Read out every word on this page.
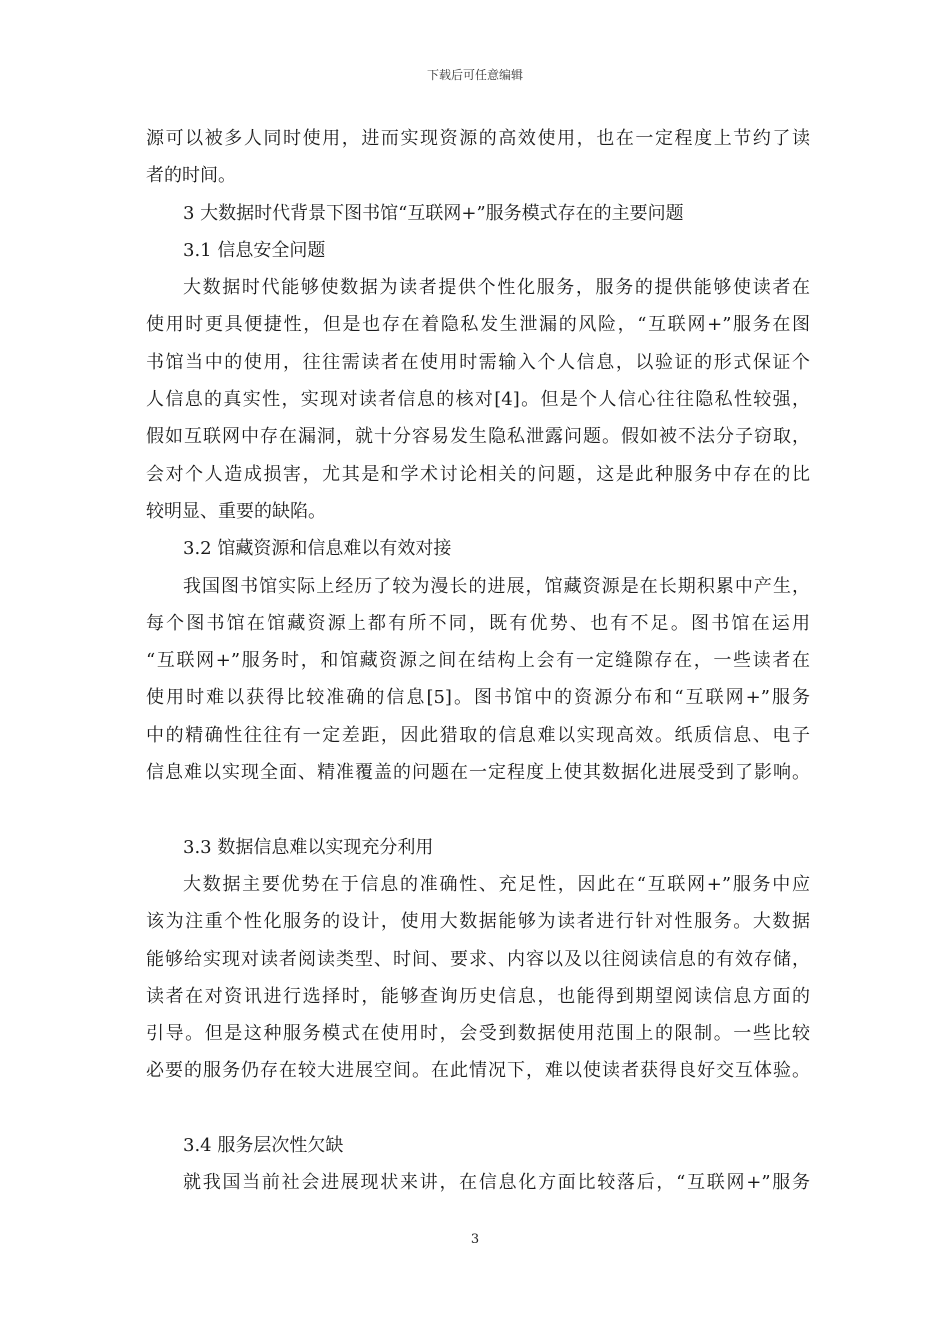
下载后可任意编辑
源可以被多人同时使用，进而实现资源的高效使用，也在一定程度上节约了读
者的时间。
3 大数据时代背景下图书馆“互联网+”服务模式存在的主要问题
3.1 信息安全问题
大数据时代能够使数据为读者提供个性化服务，服务的提供能够使读者在
使用时更具便捷性，但是也存在着隐私发生泄漏的风险，“互联网+”服务在图
书馆当中的使用，往往需读者在使用时需输入个人信息，以验证的形式保证个
人信息的真实性，实现对读者信息的核对[4]。但是个人信心往往隐私性较强，
假如互联网中存在漏洞，就十分容易发生隐私泄露问题。假如被不法分子窃取，
会对个人造成损害，尤其是和学术讨论相关的问题，这是此种服务中存在的比
较明显、重要的缺陷。
3.2 馆藏资源和信息难以有效对接
我国图书馆实际上经历了较为漫长的进展，馆藏资源是在长期积累中产生，
每个图书馆在馆藏资源上都有所不同，既有优势、也有不足。图书馆在运用
“互联网+”服务时，和馆藏资源之间在结构上会有一定缝隙存在，一些读者在
使用时难以获得比较准确的信息[5]。图书馆中的资源分布和“互联网+”服务
中的精确性往往有一定差距，因此猎取的信息难以实现高效。纸质信息、电子
信息难以实现全面、精准覆盖的问题在一定程度上使其数据化进展受到了影响。
3.3 数据信息难以实现充分利用
大数据主要优势在于信息的准确性、充足性，因此在“互联网+”服务中应
该为注重个性化服务的设计，使用大数据能够为读者进行针对性服务。大数据
能够给实现对读者阅读类型、时间、要求、内容以及以往阅读信息的有效存储，
读者在对资讯进行选择时，能够查询历史信息，也能得到期望阅读信息方面的
引导。但是这种服务模式在使用时，会受到数据使用范围上的限制。一些比较
必要的服务仍存在较大进展空间。在此情况下，难以使读者获得良好交互体验。
3.4 服务层次性欠缺
就我国当前社会进展现状来讲，在信息化方面比较落后，“互联网+”服务
3
